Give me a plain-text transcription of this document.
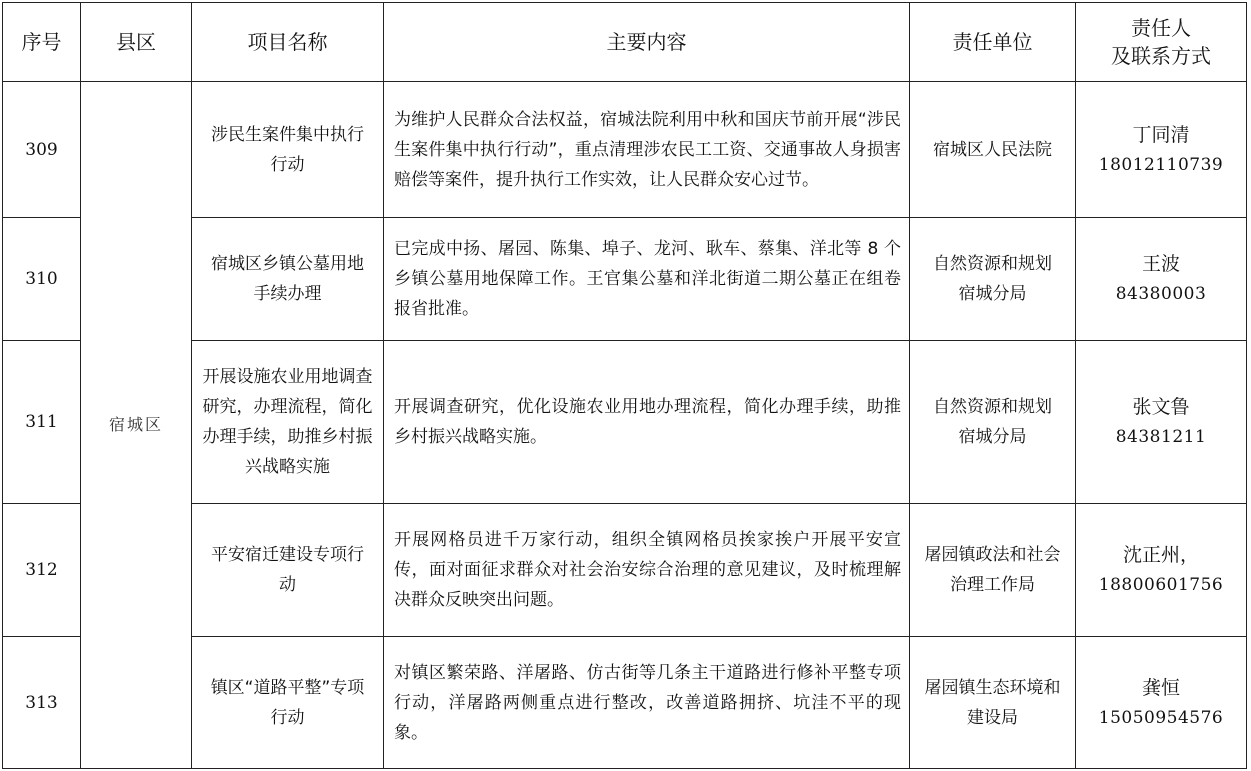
序号	县区	项目名称	主要内容	责任单位	责任人
及联系方式

309	宿城区	涉民生案件集中执行行动	为维护人民群众合法权益，宿城法院利用中秋和国庆节前开展“涉民生案件集中执行行动”，重点清理涉农民工工资、交通事故人身损害赔偿等案件，提升执行工作实效，让人民群众安心过节。	宿城区人民法院	丁同清
18012110739

310		宿城区乡镇公墓用地手续办理	已完成中扬、屠园、陈集、埠子、龙河、耿车、蔡集、洋北等 8 个乡镇公墓用地保障工作。王官集公墓和洋北街道二期公墓正在组卷报省批准。	自然资源和规划宿城分局	王波
84380003

311		开展设施农业用地调查研究，办理流程，简化办理手续，助推乡村振兴战略实施	开展调查研究，优化设施农业用地办理流程，简化办理手续，助推乡村振兴战略实施。	自然资源和规划宿城分局	张文鲁
84381211

312		平安宿迁建设专项行动	开展网格员进千万家行动，组织全镇网格员挨家挨户开展平安宣传，面对面征求群众对社会治安综合治理的意见建议，及时梳理解决群众反映突出问题。	屠园镇政法和社会治理工作局	沈正州，
18800601756

313		镇区“道路平整”专项行动	对镇区繁荣路、洋屠路、仿古街等几条主干道路进行修补平整专项行动，洋屠路两侧重点进行整改，改善道路拥挤、坑洼不平的现象。	屠园镇生态环境和建设局	龚恒
15050954576
